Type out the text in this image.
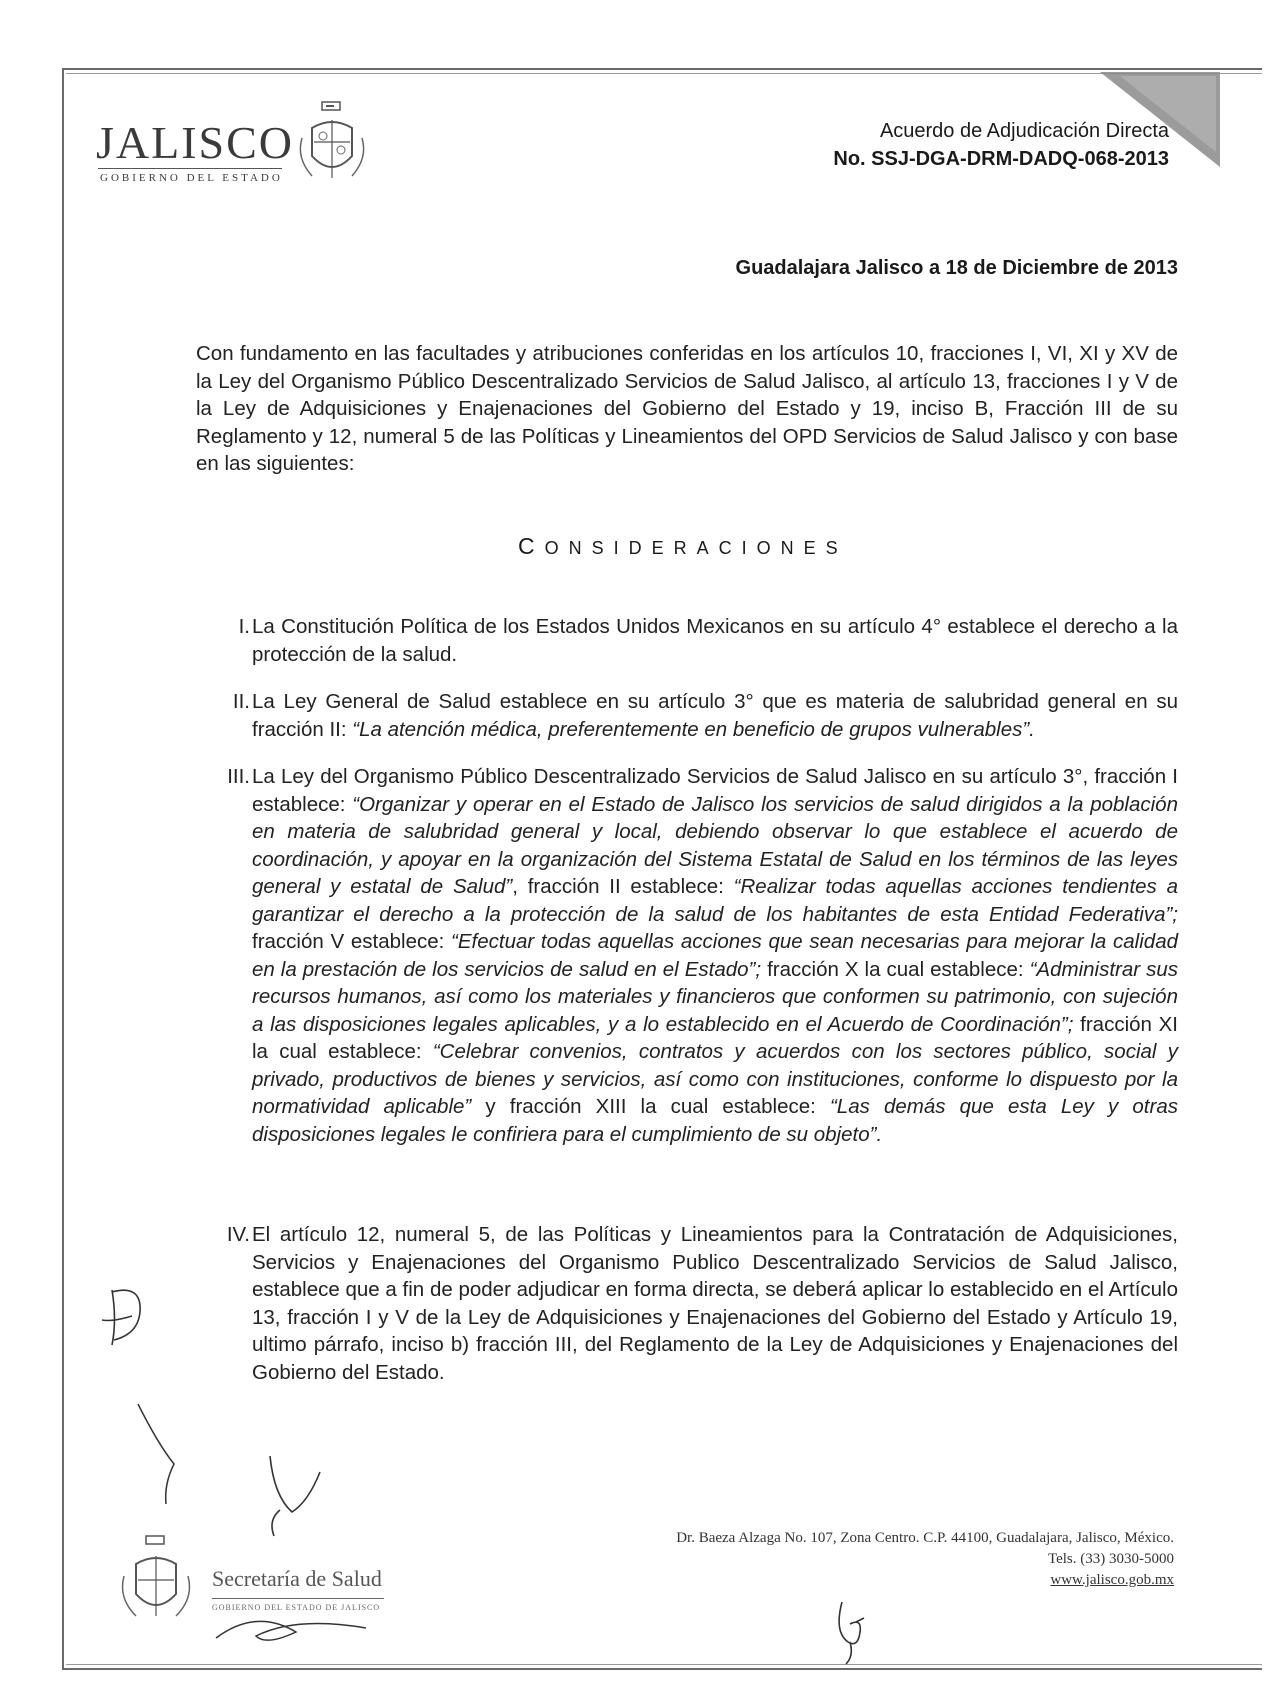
JALISCO
GOBIERNO DEL ESTADO
Acuerdo de Adjudicación Directa
No. SSJ-DGA-DRM-DADQ-068-2013
Guadalajara Jalisco a 18 de Diciembre de 2013
Con fundamento en las facultades y atribuciones conferidas en los artículos 10, fracciones I, VI, XI y XV de la Ley del Organismo Público Descentralizado Servicios de Salud Jalisco, al artículo 13, fracciones I y V de la Ley de Adquisiciones y Enajenaciones del Gobierno del Estado y 19, inciso B, Fracción III de su Reglamento y 12, numeral 5 de las Políticas y Lineamientos del OPD Servicios de Salud Jalisco y con base en las siguientes:
CONSIDERACIONES
I. La Constitución Política de los Estados Unidos Mexicanos en su artículo 4° establece el derecho a la protección de la salud.
II. La Ley General de Salud establece en su artículo 3° que es materia de salubridad general en su fracción II: “La atención médica, preferentemente en beneficio de grupos vulnerables”.
III. La Ley del Organismo Público Descentralizado Servicios de Salud Jalisco en su artículo 3°, fracción I establece: “Organizar y operar en el Estado de Jalisco los servicios de salud dirigidos a la población en materia de salubridad general y local, debiendo observar lo que establece el acuerdo de coordinación, y apoyar en la organización del Sistema Estatal de Salud en los términos de las leyes general y estatal de Salud”, fracción II establece: “Realizar todas aquellas acciones tendientes a garantizar el derecho a la protección de la salud de los habitantes de esta Entidad Federativa”; fracción V establece: “Efectuar todas aquellas acciones que sean necesarias para mejorar la calidad en la prestación de los servicios de salud en el Estado”; fracción X la cual establece: “Administrar sus recursos humanos, así como los materiales y financieros que conformen su patrimonio, con sujeción a las disposiciones legales aplicables, y a lo establecido en el Acuerdo de Coordinación”; fracción XI la cual establece: “Celebrar convenios, contratos y acuerdos con los sectores público, social y privado, productivos de bienes y servicios, así como con instituciones, conforme lo dispuesto por la normatividad aplicable” y fracción XIII la cual establece: “Las demás que esta Ley y otras disposiciones legales le confiriera para el cumplimiento de su objeto”.
IV. El artículo 12, numeral 5, de las Políticas y Lineamientos para la Contratación de Adquisiciones, Servicios y Enajenaciones del Organismo Publico Descentralizado Servicios de Salud Jalisco, establece que a fin de poder adjudicar en forma directa, se deberá aplicar lo establecido en el Artículo 13, fracción I y V de la Ley de Adquisiciones y Enajenaciones del Gobierno del Estado y Artículo 19, ultimo párrafo, inciso b) fracción III, del Reglamento de la Ley de Adquisiciones y Enajenaciones del Gobierno del Estado.
Secretaría de Salud
GOBIERNO DEL ESTADO DE JALISCO
Dr. Baeza Alzaga No. 107, Zona Centro. C.P. 44100, Guadalajara, Jalisco, México.
Tels. (33) 3030-5000
www.jalisco.gob.mx
